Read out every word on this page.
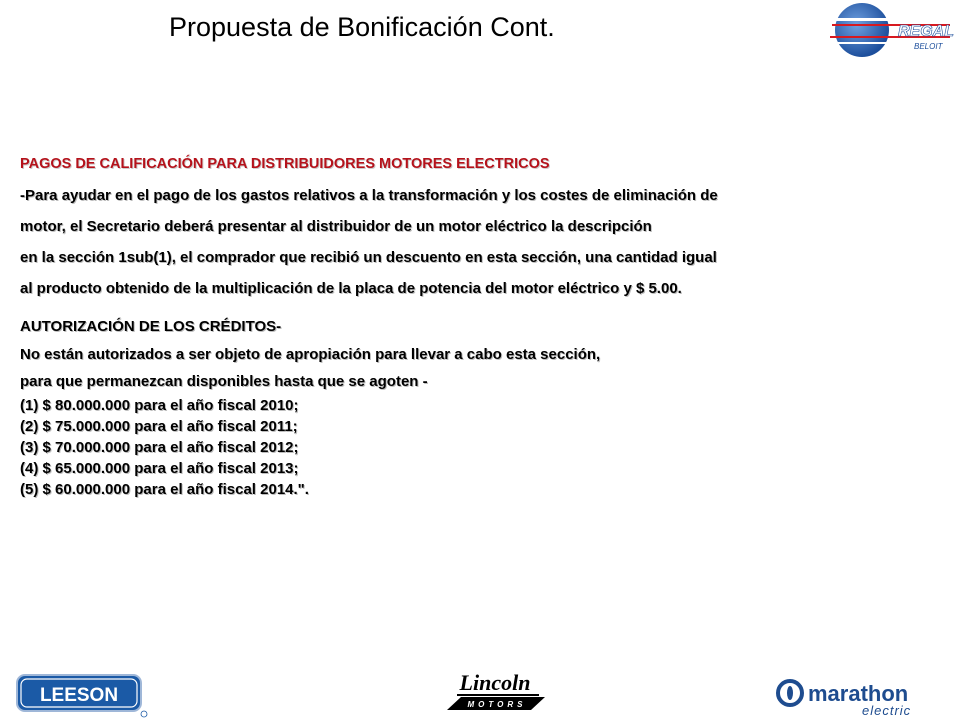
Propuesta de Bonificación Cont.	REGAL
BELOIT
PAGOS DE CALIFICACIÓN PARA DISTRIBUIDORES MOTORES ELECTRICOS

-Para ayudar en el pago de los gastos relativos a la transformación y los costes de eliminación de

motor, el Secretario deberá presentar al distribuidor de un motor eléctrico la descripción

en la sección 1sub(1), el comprador que recibió un descuento en esta sección, una cantidad igual

al producto obtenido de la multiplicación de la placa de potencia del motor eléctrico y $ 5.00.

AUTORIZACIÓN DE LOS CRÉDITOS-
No están autorizados a ser objeto de apropiación para llevar a cabo esta sección,
para que permanezcan disponibles hasta que se agoten -
(1) $ 80.000.000 para el año fiscal 2010;
(2) $ 75.000.000 para el año fiscal 2011;
(3) $ 70.000.000 para el año fiscal 2012;
(4) $ 65.000.000 para el año fiscal 2013;
(5) $ 60.000.000 para el año fiscal 2014.".
LEESON
Lincoln
MOTORS	marathon
electric
